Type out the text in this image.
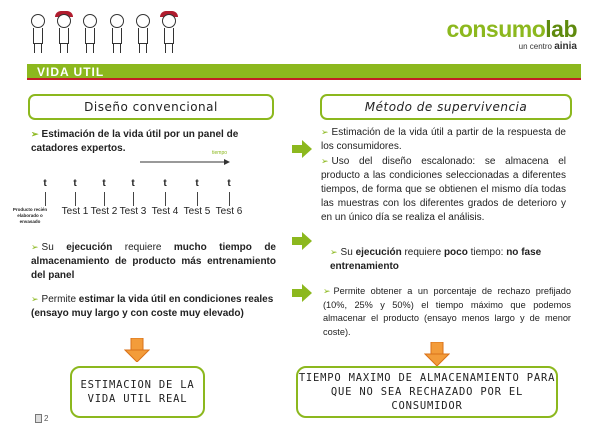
consumolab
un centro ainia
VIDA UTIL
Diseño convencional
➢ Estimación de la vida útil por un panel de catadores expertos.	tiempo
t	t
Test 1
t
Test 2
t
Test 3
t
Test 4
t
Test 5
t
Test 6
Producto recién elaborado o envasado
➢ Su ejecución requiere mucho tiempo de almacenamiento de producto más entrenamiento del panel
➢ Permite estimar la vida útil en condiciones reales (ensayo muy largo y con coste muy elevado)
ESTIMACION DE LA VIDA UTIL REAL
Método de supervivencia
➢ Estimación de la vida útil a partir de la respuesta de los consumidores.
➢ Uso del diseño escalonado: se almacena el producto a las condiciones seleccionadas a diferentes tiempos, de forma que se obtienen el mismo día todas las muestras con los diferentes grados de deterioro y en un único día se realiza el análisis.
➢ Su ejecución requiere poco tiempo: no fase entrenamiento
➢ Permite obtener a un porcentaje de rechazo prefijado (10%, 25% y 50%) el tiempo máximo que podemos almacenar el producto (ensayo menos largo y de menor coste).
TIEMPO MAXIMO DE ALMACENAMIENTO PARA QUE NO SEA RECHAZADO POR EL CONSUMIDOR
2
